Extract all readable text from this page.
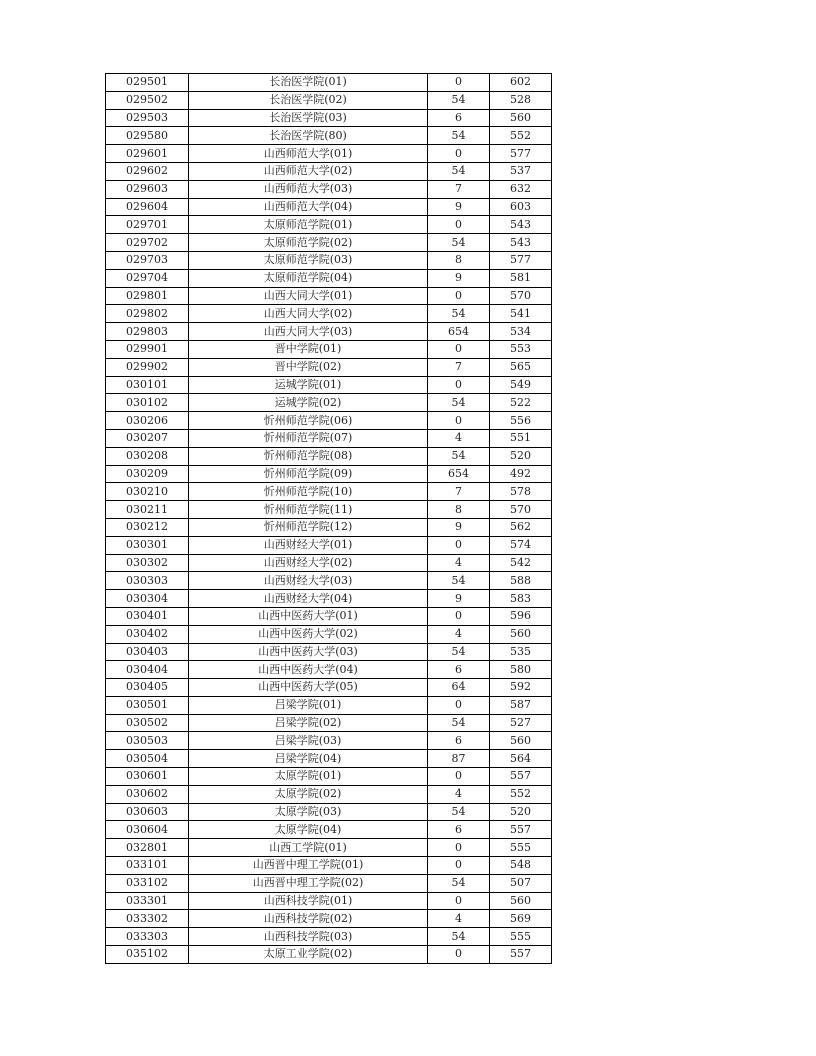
029501	长治医学院(01)	0	602
029502	长治医学院(02)	54	528
029503	长治医学院(03)	6	560
029580	长治医学院(80)	54	552
029601	山西师范大学(01)	0	577
029602	山西师范大学(02)	54	537
029603	山西师范大学(03)	7	632
029604	山西师范大学(04)	9	603
029701	太原师范学院(01)	0	543
029702	太原师范学院(02)	54	543
029703	太原师范学院(03)	8	577
029704	太原师范学院(04)	9	581
029801	山西大同大学(01)	0	570
029802	山西大同大学(02)	54	541
029803	山西大同大学(03)	654	534
029901	晋中学院(01)	0	553
029902	晋中学院(02)	7	565
030101	运城学院(01)	0	549
030102	运城学院(02)	54	522
030206	忻州师范学院(06)	0	556
030207	忻州师范学院(07)	4	551
030208	忻州师范学院(08)	54	520
030209	忻州师范学院(09)	654	492
030210	忻州师范学院(10)	7	578
030211	忻州师范学院(11)	8	570
030212	忻州师范学院(12)	9	562
030301	山西财经大学(01)	0	574
030302	山西财经大学(02)	4	542
030303	山西财经大学(03)	54	588
030304	山西财经大学(04)	9	583
030401	山西中医药大学(01)	0	596
030402	山西中医药大学(02)	4	560
030403	山西中医药大学(03)	54	535
030404	山西中医药大学(04)	6	580
030405	山西中医药大学(05)	64	592
030501	吕梁学院(01)	0	587
030502	吕梁学院(02)	54	527
030503	吕梁学院(03)	6	560
030504	吕梁学院(04)	87	564
030601	太原学院(01)	0	557
030602	太原学院(02)	4	552
030603	太原学院(03)	54	520
030604	太原学院(04)	6	557
032801	山西工学院(01)	0	555
033101	山西晋中理工学院(01)	0	548
033102	山西晋中理工学院(02)	54	507
033301	山西科技学院(01)	0	560
033302	山西科技学院(02)	4	569
033303	山西科技学院(03)	54	555
035102	太原工业学院(02)	0	557
